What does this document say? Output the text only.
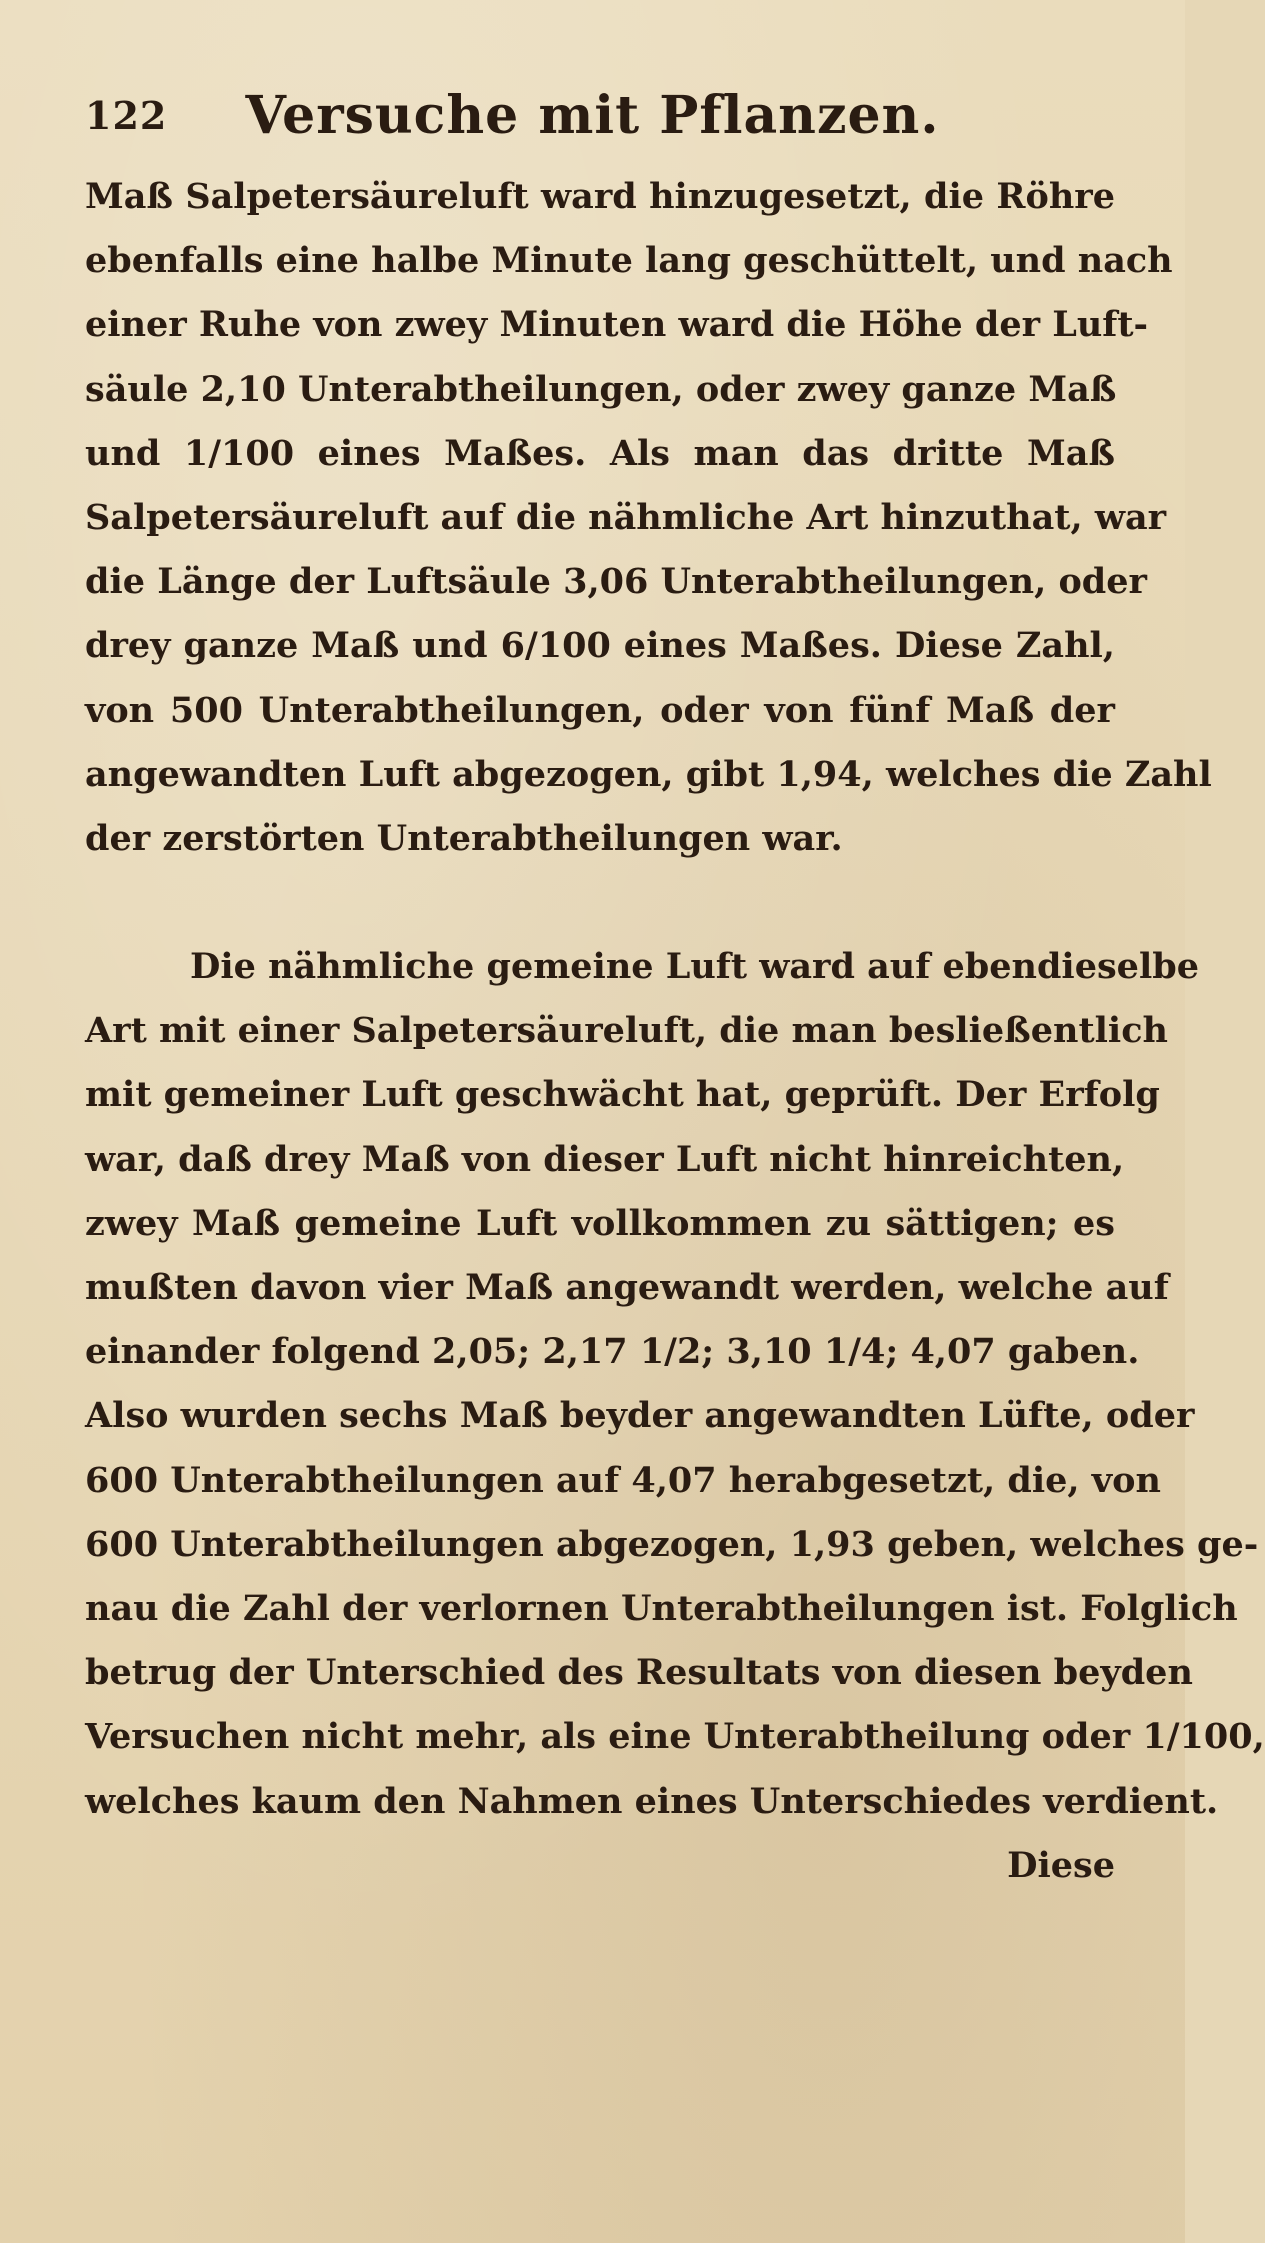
122	Versuche mit Pflanzen.
Maß Salpetersäureluft ward hinzugesetzt, die Röhre
ebenfalls eine halbe Minute lang geschüttelt, und nach
einer Ruhe von zwey Minuten ward die Höhe der Luft-
säule 2,10 Unterabtheilungen, oder zwey ganze Maß
und 1/100 eines Maßes. Als man das dritte Maß
Salpetersäureluft auf die nähmliche Art hinzuthat, war
die Länge der Luftsäule 3,06 Unterabtheilungen, oder
drey ganze Maß und 6/100 eines Maßes. Diese Zahl,
von 500 Unterabtheilungen, oder von fünf Maß der
angewandten Luft abgezogen, gibt 1,94, welches die Zahl
der zerstörten Unterabtheilungen war.
Die nähmliche gemeine Luft ward auf ebendieselbe
Art mit einer Salpetersäureluft, die man besließentlich
mit gemeiner Luft geschwächt hat, geprüft. Der Erfolg
war, daß drey Maß von dieser Luft nicht hinreichten,
zwey Maß gemeine Luft vollkommen zu sättigen; es
mußten davon vier Maß angewandt werden, welche auf
einander folgend 2,05; 2,17 1/2; 3,10 1/4; 4,07 gaben.
Also wurden sechs Maß beyder angewandten Lüfte, oder
600 Unterabtheilungen auf 4,07 herabgesetzt, die, von
600 Unterabtheilungen abgezogen, 1,93 geben, welches ge-
nau die Zahl der verlornen Unterabtheilungen ist. Folglich
betrug der Unterschied des Resultats von diesen beyden
Versuchen nicht mehr, als eine Unterabtheilung oder 1/100,
welches kaum den Nahmen eines Unterschiedes verdient.
Diese
